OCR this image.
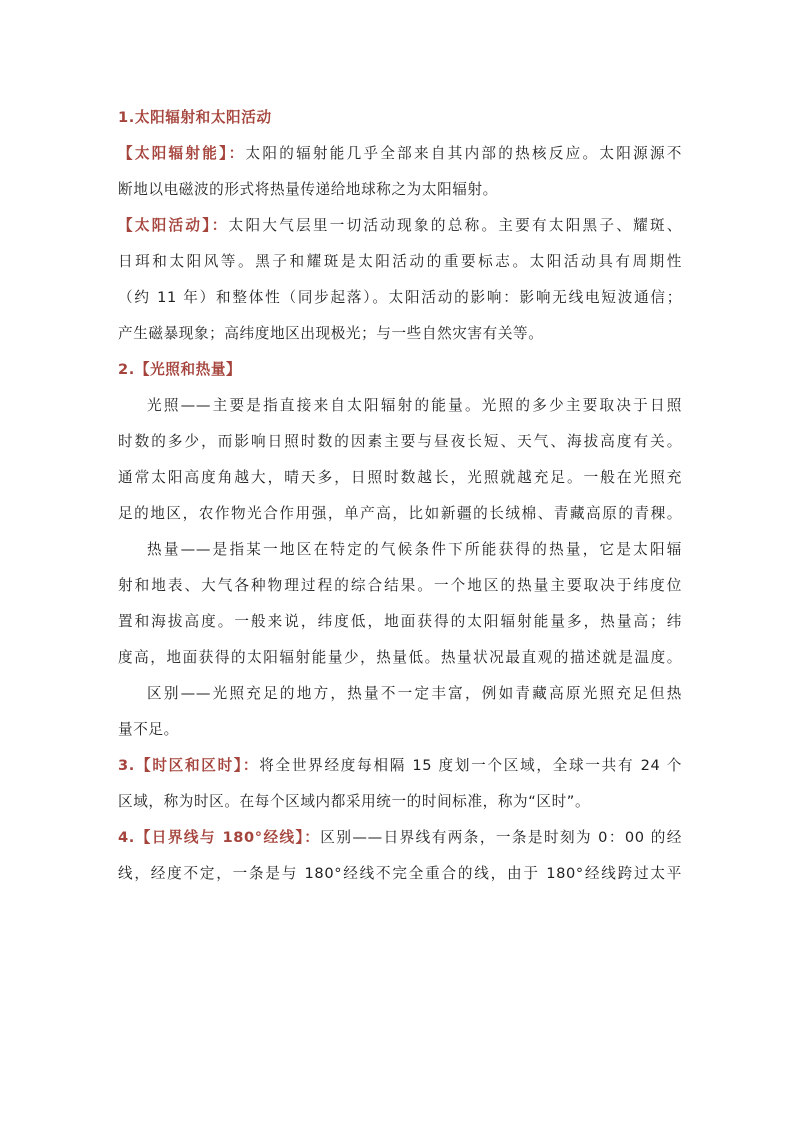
1.太阳辐射和太阳活动
【太阳辐射能】：太阳的辐射能几乎全部来自其内部的热核反应。太阳源源不
断地以电磁波的形式将热量传递给地球称之为太阳辐射。
【太阳活动】：太阳大气层里一切活动现象的总称。主要有太阳黑子、耀斑、
日珥和太阳风等。黑子和耀斑是太阳活动的重要标志。太阳活动具有周期性
（约 11 年）和整体性（同步起落）。太阳活动的影响：影响无线电短波通信；
产生磁暴现象；高纬度地区出现极光；与一些自然灾害有关等。
2.【光照和热量】
光照——主要是指直接来自太阳辐射的能量。光照的多少主要取决于日照
时数的多少，而影响日照时数的因素主要与昼夜长短、天气、海拔高度有关。
通常太阳高度角越大，晴天多，日照时数越长，光照就越充足。一般在光照充
足的地区，农作物光合作用强，单产高，比如新疆的长绒棉、青藏高原的青稞。
热量——是指某一地区在特定的气候条件下所能获得的热量，它是太阳辐
射和地表、大气各种物理过程的综合结果。一个地区的热量主要取决于纬度位
置和海拔高度。一般来说，纬度低，地面获得的太阳辐射能量多，热量高；纬
度高，地面获得的太阳辐射能量少，热量低。热量状况最直观的描述就是温度。
区别——光照充足的地方，热量不一定丰富，例如青藏高原光照充足但热
量不足。
3.【时区和区时】：将全世界经度每相隔 15 度划一个区域，全球一共有 24 个
区域，称为时区。在每个区域内都采用统一的时间标准，称为“区时”。
4.【日界线与 180°经线】：区别——日界线有两条，一条是时刻为 0：00 的经
线，经度不定，一条是与 180°经线不完全重合的线，由于 180°经线跨过太平
